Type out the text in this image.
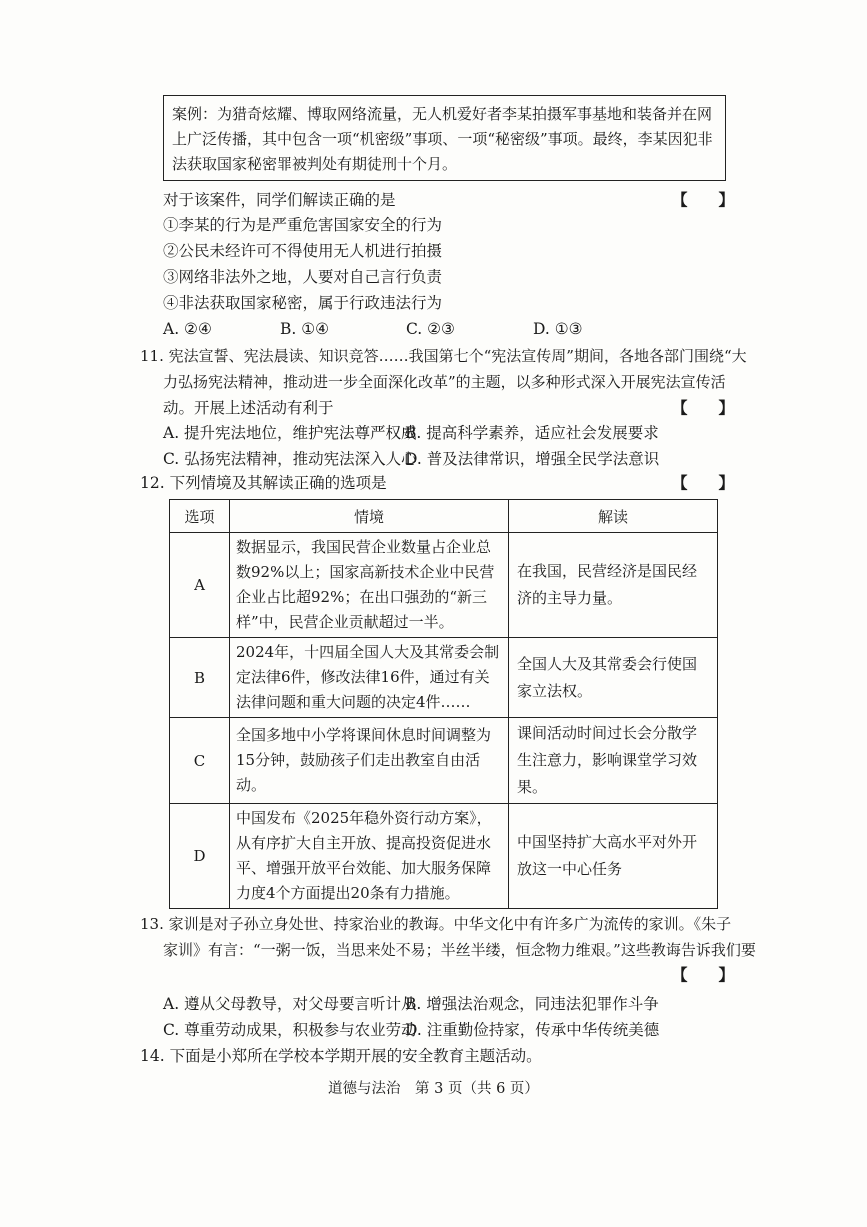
案例：为猎奇炫耀、博取网络流量，无人机爱好者李某拍摄军事基地和装备并在网上广泛传播，其中包含一项“机密级”事项、一项“秘密级”事项。最终，李某因犯非法获取国家秘密罪被判处有期徒刑十个月。
对于该案件，同学们解读正确的是	【　　】
①李某的行为是严重危害国家安全的行为
②公民未经许可不得使用无人机进行拍摄
③网络非法外之地，人要对自己言行负责
④非法获取国家秘密，属于行政违法行为
A. ②④	B. ①④	C. ②③	D. ①③
11. 宪法宣誓、宪法晨读、知识竞答……我国第七个“宪法宣传周”期间，各地各部门围绕“大
力弘扬宪法精神，推动进一步全面深化改革”的主题，以多种形式深入开展宪法宣传活
动。开展上述活动有利于	【　　】
A. 提升宪法地位，维护宪法尊严权威
B. 提高科学素养，适应社会发展要求
C. 弘扬宪法精神，推动宪法深入人心
D. 普及法律常识，增强全民学法意识
12. 下列情境及其解读正确的选项是	【　　】
选项	情境	解读
A	数据显示，我国民营企业数量占企业总数92%以上；国家高新技术企业中民营企业占比超92%；在出口强劲的“新三样”中，民营企业贡献超过一半。	在我国，民营经济是国民经济的主导力量。
B	2024年，十四届全国人大及其常委会制定法律6件，修改法律16件，通过有关法律问题和重大问题的决定4件……	全国人大及其常委会行使国家立法权。
C	全国多地中小学将课间休息时间调整为15分钟，鼓励孩子们走出教室自由活动。	课间活动时间过长会分散学生注意力，影响课堂学习效果。
D	中国发布《2025年稳外资行动方案》，从有序扩大自主开放、提高投资促进水平、增强开放平台效能、加大服务保障力度4个方面提出20条有力措施。	中国坚持扩大高水平对外开放这一中心任务
13. 家训是对子孙立身处世、持家治业的教诲。中华文化中有许多广为流传的家训。《朱子
家训》有言：“一粥一饭，当思来处不易；半丝半缕，恒念物力维艰。”这些教诲告诉我们要
【　　】
A. 遵从父母教导，对父母要言听计从
B. 增强法治观念，同违法犯罪作斗争
C. 尊重劳动成果，积极参与农业劳动
D. 注重勤俭持家，传承中华传统美德
14. 下面是小郑所在学校本学期开展的安全教育主题活动。
道德与法治　第 3 页（共 6 页）
